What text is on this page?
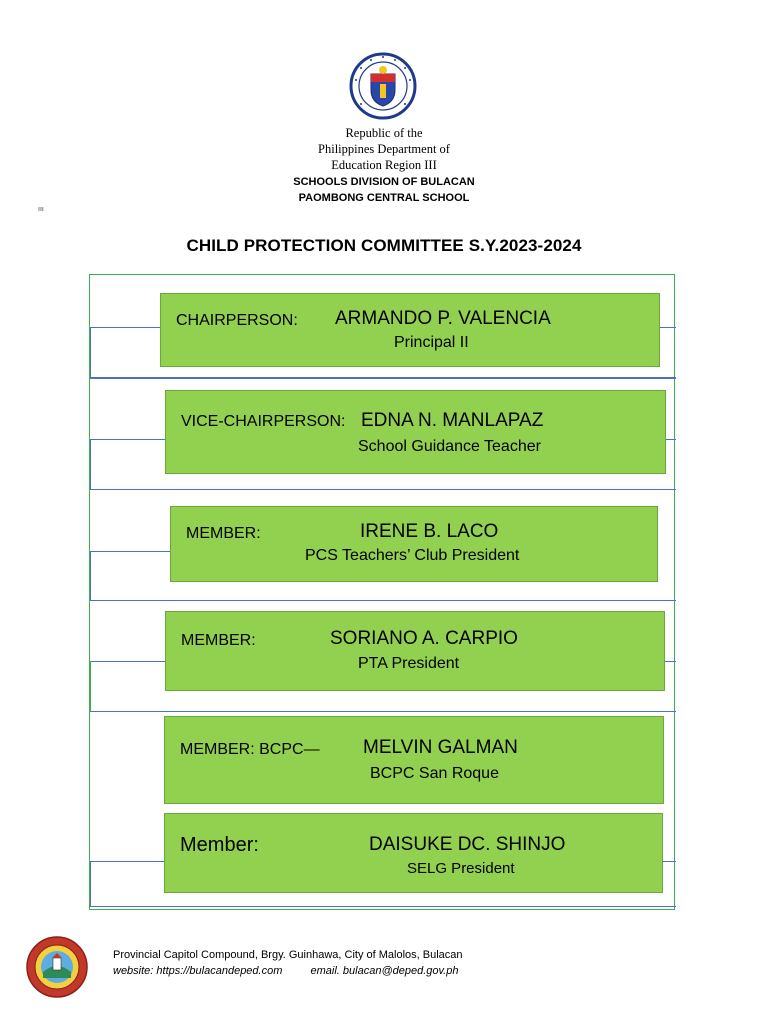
Republic of the
Philippines Department of
Education Region III
SCHOOLS DIVISION OF BULACAN
PAOMBONG CENTRAL SCHOOL
ııı
CHILD PROTECTION COMMITTEE S.Y.2023-2024
CHAIRPERSON: ARMANDO P. VALENCIA
Principal II
VICE-CHAIRPERSON: EDNA N. MANLAPAZ
School Guidance Teacher
MEMBER:	IRENE B. LACO
PCS Teachers’ Club President
MEMBER:	SORIANO A. CARPIO
PTA President
MEMBER: BCPC— MELVIN GALMAN
BCPC San Roque
Member:	DAISUKE DC. SHINJO
SELG President
Provincial Capitol Compound, Brgy. Guinhawa, City of Malolos, Bulacan
website: https://bulacandeped.com	email. bulacan@deped.gov.ph
